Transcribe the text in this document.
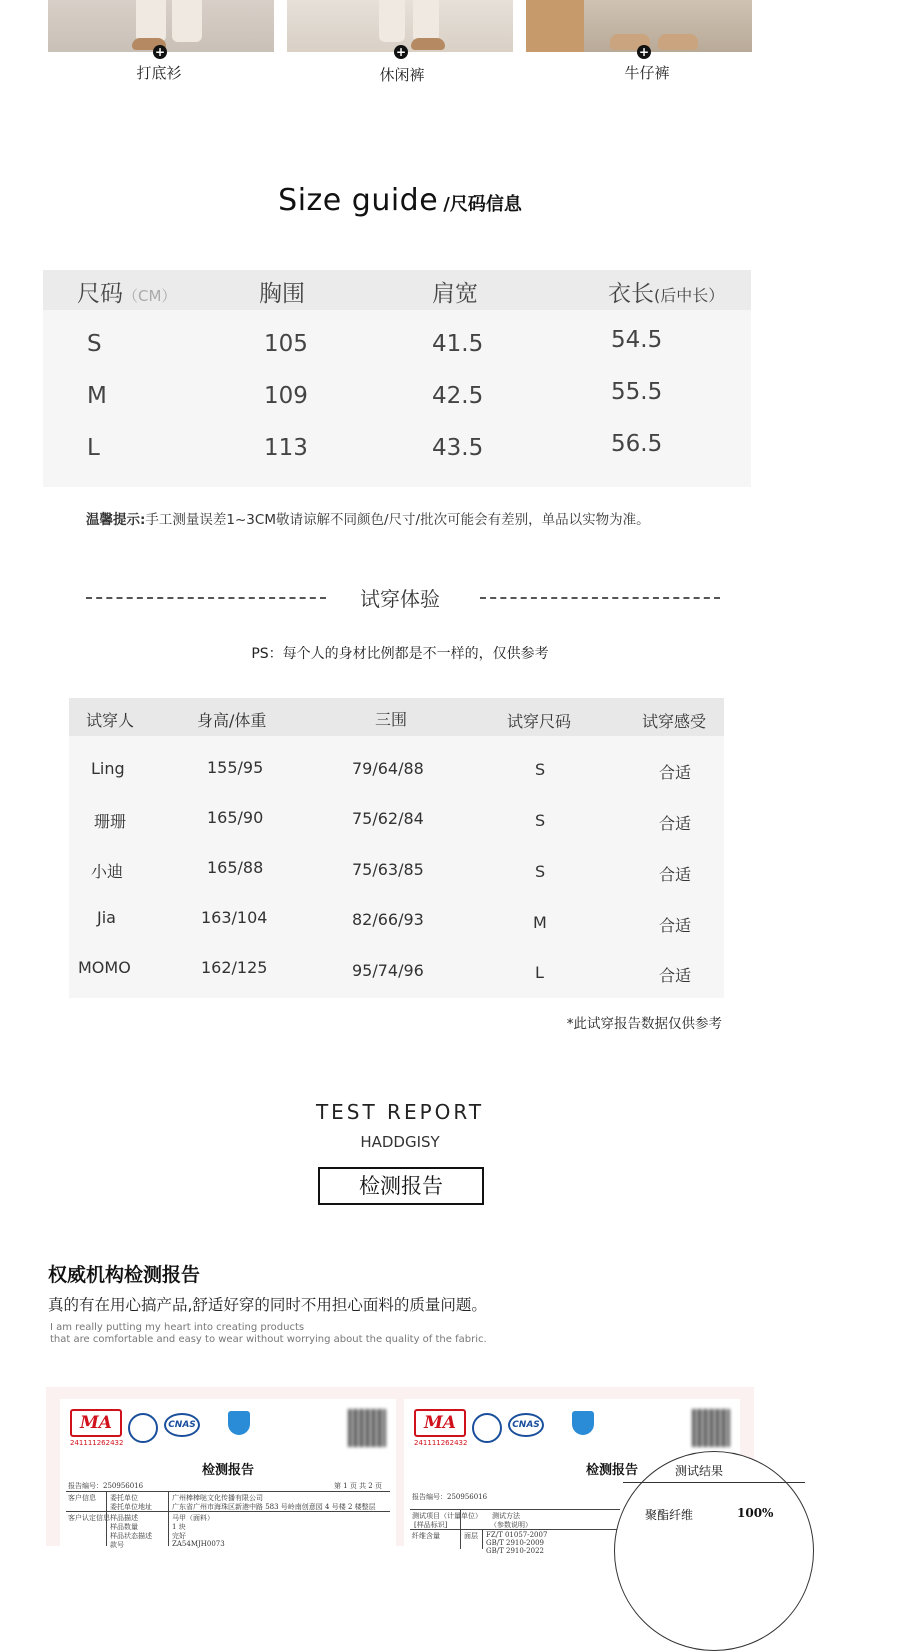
+	+	+
打底衫	休闲裤	牛仔裤
Size guide /尺码信息
尺码（CM）	胸围	肩宽	衣长(后中长）
S	105	41.5	54.5
M	109	42.5	55.5
L	113	43.5	56.5
温馨提示:手工测量误差1~3CM敬请谅解不同颜色/尺寸/批次可能会有差别，单品以实物为准。
试穿体验
PS：每个人的身材比例都是不一样的，仅供参考
试穿人	身高/体重	三围	试穿尺码	试穿感受
Ling	155/95	79/64/88	S	合适
珊珊	165/90	75/62/84	S	合适
小迪	165/88	75/63/85	S	合适
Jia	163/104	82/66/93	M	合适
MOMO	162/125	95/74/96	L	合适
*此试穿报告数据仅供参考
TEST REPORT
HADDGISY
检测报告
权威机构检测报告
真的有在用心搞产品,舒适好穿的同时不用担心面料的质量问题。
I am really putting my heart into creating products
that are comfortable and easy to wear without worrying about the quality of the fabric.
MA
241111262432
CNAS
检测报告
报告编号：250956016	第 1 页 共 2 页
客户信息 委托单位	广州棒棒哒文化传播有限公司
委托单位地址	广东省广州市海珠区新港中路 583 号岭南创意园 4 号楼 2 楼整层
客户认定信息 样品描述	马甲（面料）
样品数量	1 块
样品状态描述	完好
款号	ZA54MJH0073
MA
241111262432
CNAS
检测报告
报告编号：250956016
测试项目（计量单位）
[样品标识]
测试方法
（参数说明）
纤维含量	面层 FZ/T 01057-2007
GB/T 2910-2009
GB/T 2910-2022
测试结果
聚酯纤维	100%
